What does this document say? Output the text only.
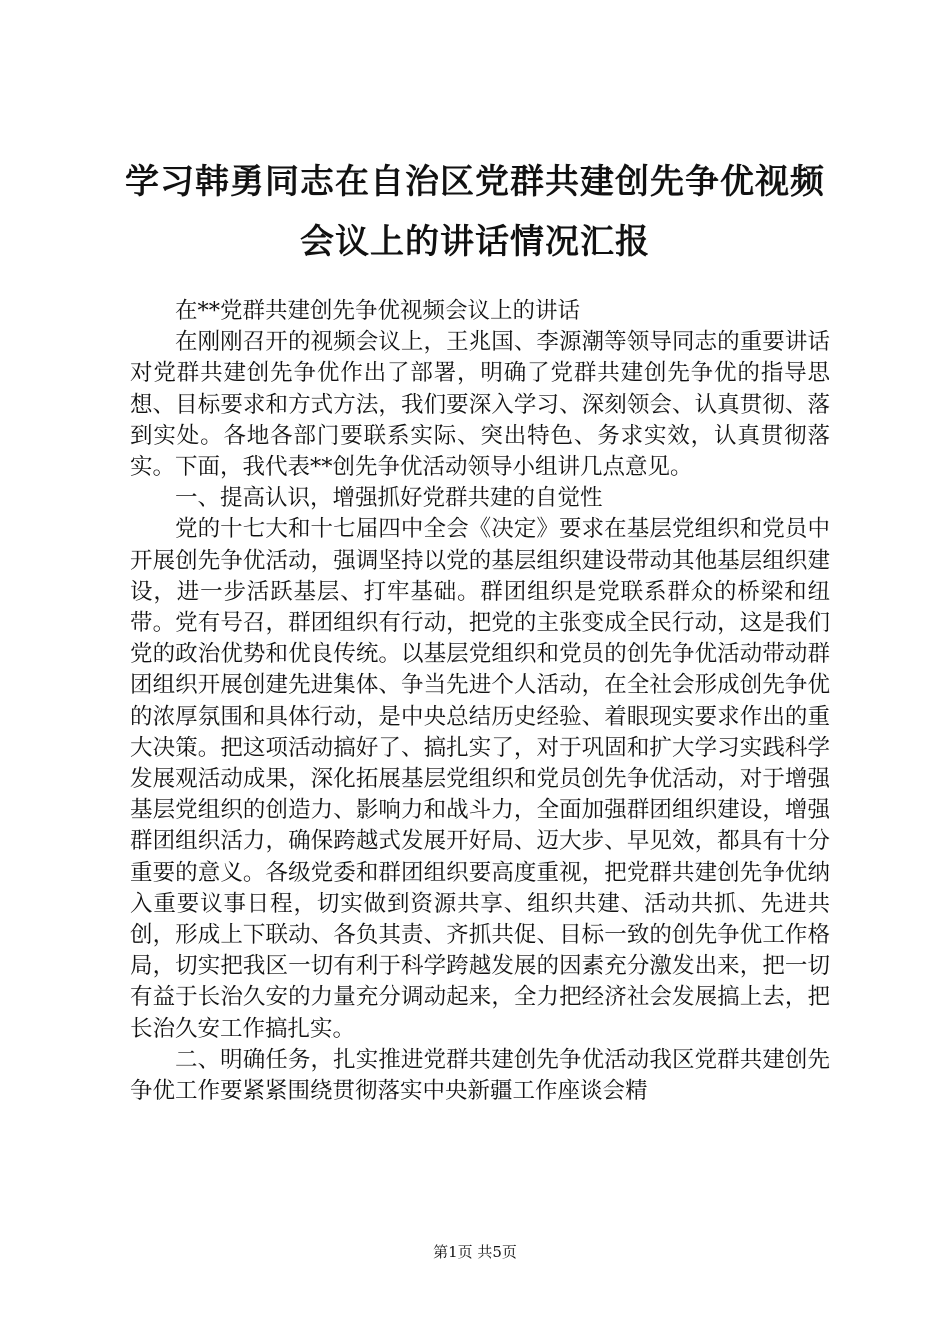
学习韩勇同志在自治区党群共建创先争优视频
会议上的讲话情况汇报

在**党群共建创先争优视频会议上的讲话

在刚刚召开的视频会议上，王兆国、李源潮等领导同志的重要讲话对党群共建创先争优作出了部署，明确了党群共建创先争优的指导思想、目标要求和方式方法，我们要深入学习、深刻领会、认真贯彻、落到实处。各地各部门要联系实际、突出特色、务求实效，认真贯彻落实。下面，我代表**创先争优活动领导小组讲几点意见。

一、提高认识，增强抓好党群共建的自觉性

党的十七大和十七届四中全会《决定》要求在基层党组织和党员中开展创先争优活动，强调坚持以党的基层组织建设带动其他基层组织建设，进一步活跃基层、打牢基础。群团组织是党联系群众的桥梁和纽带。党有号召，群团组织有行动，把党的主张变成全民行动，这是我们党的政治优势和优良传统。以基层党组织和党员的创先争优活动带动群团组织开展创建先进集体、争当先进个人活动，在全社会形成创先争优的浓厚氛围和具体行动，是中央总结历史经验、着眼现实要求作出的重大决策。把这项活动搞好了、搞扎实了，对于巩固和扩大学习实践科学发展观活动成果，深化拓展基层党组织和党员创先争优活动，对于增强基层党组织的创造力、影响力和战斗力，全面加强群团组织建设，增强群团组织活力，确保跨越式发展开好局、迈大步、早见效，都具有十分重要的意义。各级党委和群团组织要高度重视，把党群共建创先争优纳入重要议事日程，切实做到资源共享、组织共建、活动共抓、先进共创，形成上下联动、各负其责、齐抓共促、目标一致的创先争优工作格局，切实把我区一切有利于科学跨越发展的因素充分激发出来，把一切有益于长治久安的力量充分调动起来，全力把经济社会发展搞上去，把长治久安工作搞扎实。

二、明确任务，扎实推进党群共建创先争优活动我区党群共建创先争优工作要紧紧围绕贯彻落实中央新疆工作座谈会精

第1页 共5页
